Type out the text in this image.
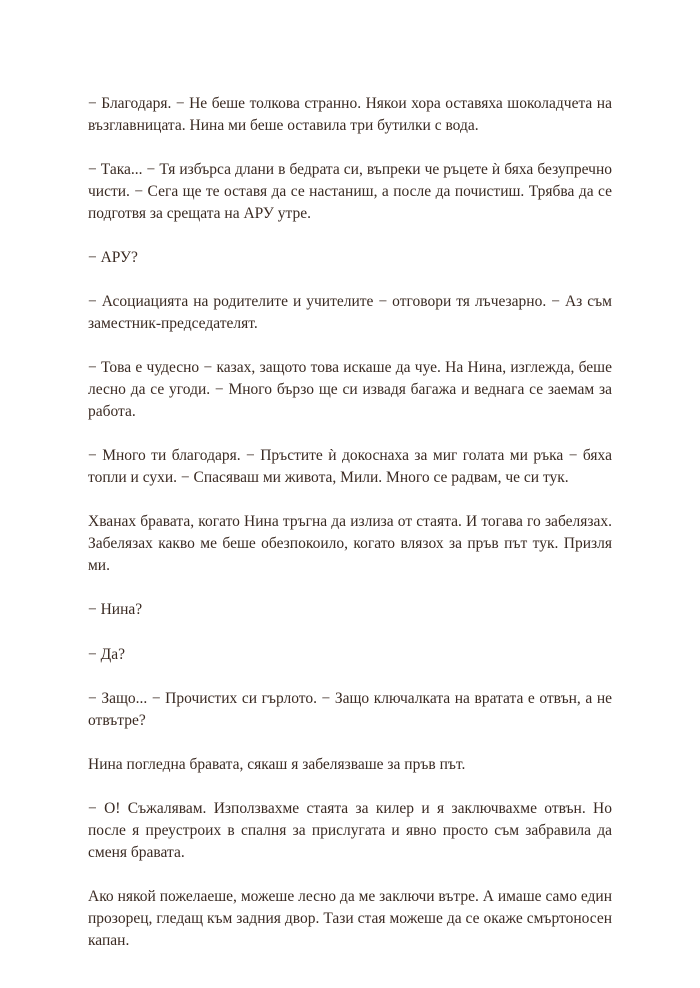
− Благодаря. − Не беше толкова странно. Някои хора оставяха шоколадчета на възглавницата. Нина ми беше оставила три бутилки с вода.

− Така... − Тя избърса длани в бедрата си, въпреки че ръцете ѝ бяха безупречно чисти. − Сега ще те оставя да се настаниш, а после да почистиш. Трябва да се подготвя за срещата на АРУ утре.

− АРУ?

− Асоциацията на родителите и учителите − отговори тя лъчезарно. − Аз съм заместник-председателят.

− Това е чудесно − казах, защото това искаше да чуе. На Нина, изглежда, беше лесно да се угоди. − Много бързо ще си извадя багажа и веднага се заемам за работа.

− Много ти благодаря. − Пръстите ѝ докоснаха за миг голата ми ръка − бяха топли и сухи. − Спасяваш ми живота, Мили. Много се радвам, че си тук.

Хванах бравата, когато Нина тръгна да излиза от стаята. И тогава го забелязах. Забелязах какво ме беше обезпокоило, когато влязох за пръв път тук. Призля ми.

− Нина?

− Да?

− Защо... − Прочистих си гърлото. − Защо ключалката на вратата е отвън, а не отвътре?

Нина погледна бравата, сякаш я забелязваше за пръв път.

− О! Съжалявам. Използвахме стаята за килер и я заключвахме отвън. Но после я преустроих в спалня за прислугата и явно просто съм забравила да сменя бравата.

Ако някой пожелаеше, можеше лесно да ме заключи вътре. А имаше само един прозорец, гледащ към задния двор. Тази стая можеше да се окаже смъртоносен капан.
